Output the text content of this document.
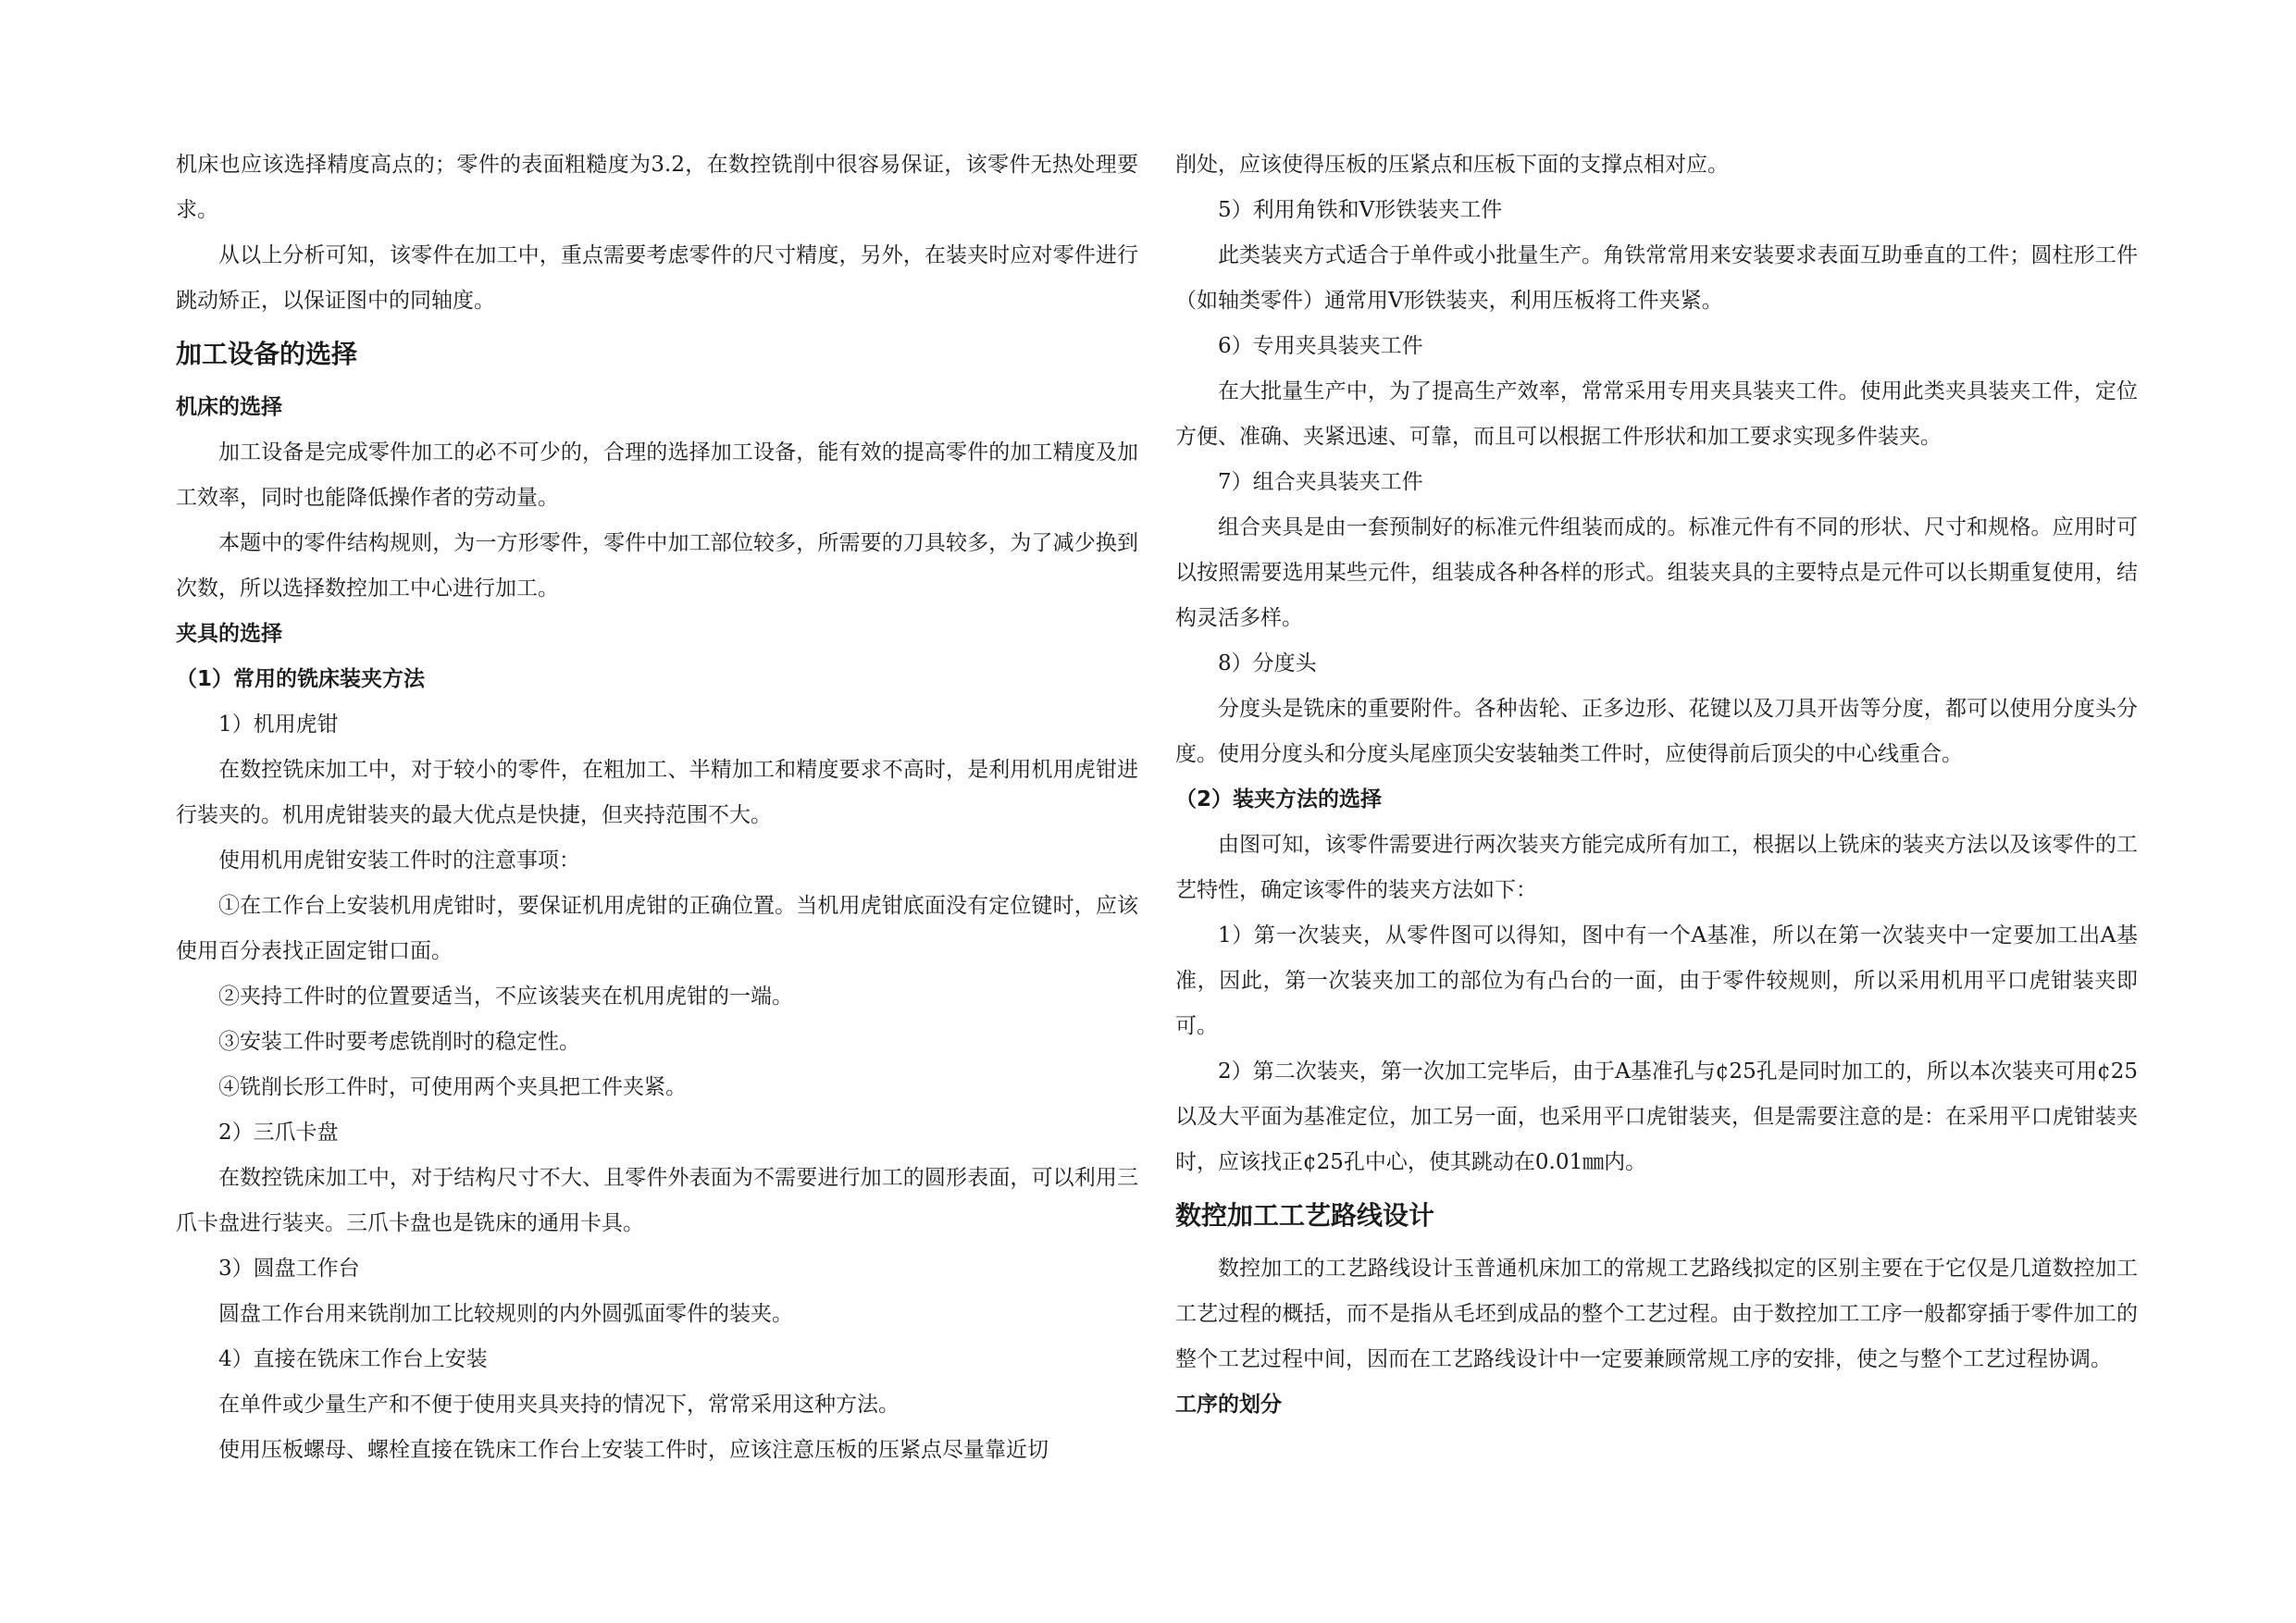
机床也应该选择精度高点的；零件的表面粗糙度为3.2，在数控铣削中很容易保证，该零件无热处理要求。

从以上分析可知，该零件在加工中，重点需要考虑零件的尺寸精度，另外，在装夹时应对零件进行跳动矫正，以保证图中的同轴度。

加工设备的选择
机床的选择

加工设备是完成零件加工的必不可少的，合理的选择加工设备，能有效的提高零件的加工精度及加工效率，同时也能降低操作者的劳动量。

本题中的零件结构规则，为一方形零件，零件中加工部位较多，所需要的刀具较多，为了减少换到次数，所以选择数控加工中心进行加工。

夹具的选择
（1）常用的铣床装夹方法

1）机用虎钳

在数控铣床加工中，对于较小的零件，在粗加工、半精加工和精度要求不高时，是利用机用虎钳进行装夹的。机用虎钳装夹的最大优点是快捷，但夹持范围不大。

使用机用虎钳安装工件时的注意事项：

①在工作台上安装机用虎钳时，要保证机用虎钳的正确位置。当机用虎钳底面没有定位键时，应该使用百分表找正固定钳口面。

②夹持工件时的位置要适当，不应该装夹在机用虎钳的一端。

③安装工件时要考虑铣削时的稳定性。

④铣削长形工件时，可使用两个夹具把工件夹紧。

2）三爪卡盘

在数控铣床加工中，对于结构尺寸不大、且零件外表面为不需要进行加工的圆形表面，可以利用三爪卡盘进行装夹。三爪卡盘也是铣床的通用卡具。

3）圆盘工作台

圆盘工作台用来铣削加工比较规则的内外圆弧面零件的装夹。

4）直接在铣床工作台上安装

在单件或少量生产和不便于使用夹具夹持的情况下，常常采用这种方法。

使用压板螺母、螺栓直接在铣床工作台上安装工件时，应该注意压板的压紧点尽量靠近切

削处，应该使得压板的压紧点和压板下面的支撑点相对应。

5）利用角铁和V形铁装夹工件

此类装夹方式适合于单件或小批量生产。角铁常常用来安装要求表面互助垂直的工件；圆柱形工件（如轴类零件）通常用V形铁装夹，利用压板将工件夹紧。

6）专用夹具装夹工件

在大批量生产中，为了提高生产效率，常常采用专用夹具装夹工件。使用此类夹具装夹工件，定位方便、准确、夹紧迅速、可靠，而且可以根据工件形状和加工要求实现多件装夹。

7）组合夹具装夹工件

组合夹具是由一套预制好的标准元件组装而成的。标准元件有不同的形状、尺寸和规格。应用时可以按照需要选用某些元件，组装成各种各样的形式。组装夹具的主要特点是元件可以长期重复使用，结构灵活多样。

8）分度头

分度头是铣床的重要附件。各种齿轮、正多边形、花键以及刀具开齿等分度，都可以使用分度头分度。使用分度头和分度头尾座顶尖安装轴类工件时，应使得前后顶尖的中心线重合。

（2）装夹方法的选择

由图可知，该零件需要进行两次装夹方能完成所有加工，根据以上铣床的装夹方法以及该零件的工艺特性，确定该零件的装夹方法如下：

1）第一次装夹，从零件图可以得知，图中有一个A基准，所以在第一次装夹中一定要加工出A基准，因此，第一次装夹加工的部位为有凸台的一面，由于零件较规则，所以采用机用平口虎钳装夹即可。

2）第二次装夹，第一次加工完毕后，由于A基准孔与¢25孔是同时加工的，所以本次装夹可用¢25以及大平面为基准定位，加工另一面，也采用平口虎钳装夹，但是需要注意的是：在采用平口虎钳装夹时，应该找正¢25孔中心，使其跳动在0.01㎜内。

数控加工工艺路线设计

数控加工的工艺路线设计玉普通机床加工的常规工艺路线拟定的区别主要在于它仅是几道数控加工工艺过程的概括，而不是指从毛坯到成品的整个工艺过程。由于数控加工工序一般都穿插于零件加工的整个工艺过程中间，因而在工艺路线设计中一定要兼顾常规工序的安排，使之与整个工艺过程协调。

工序的划分
